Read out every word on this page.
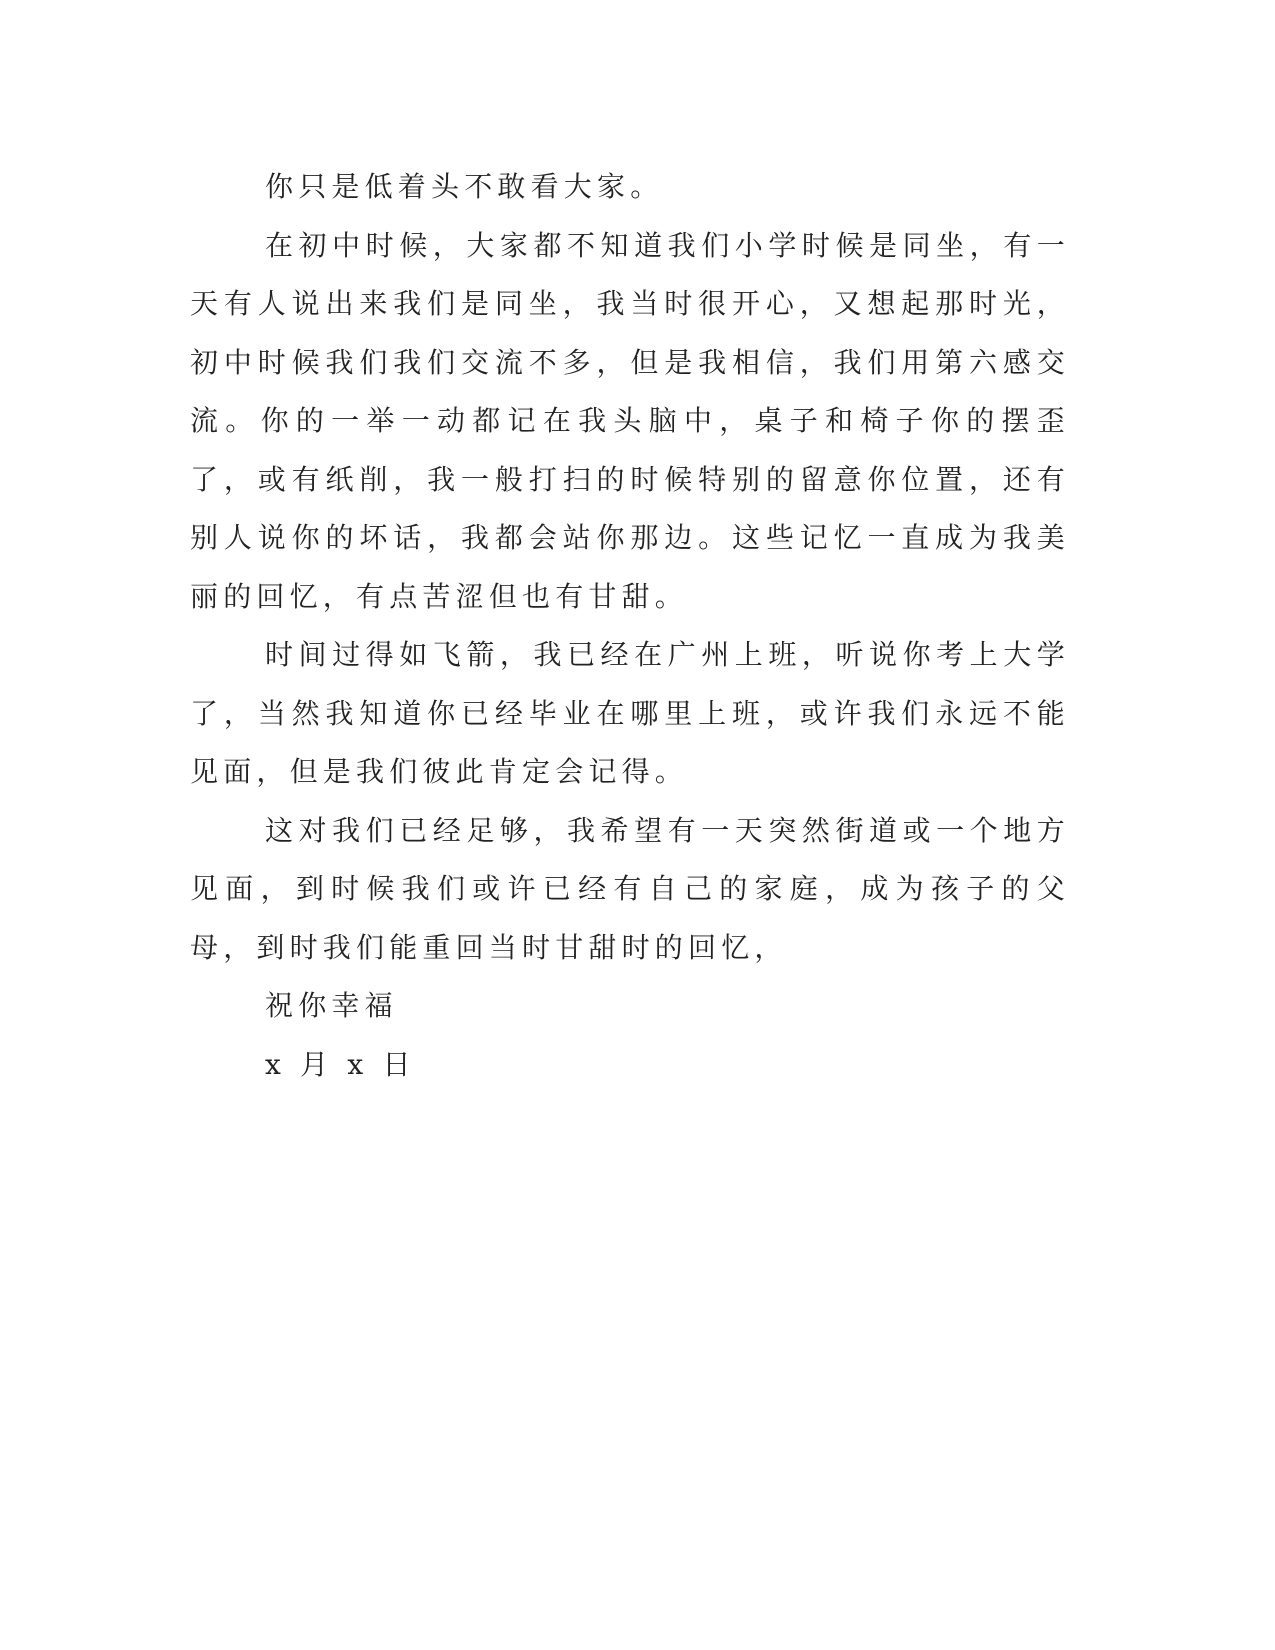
你只是低着头不敢看大家。

在初中时候，大家都不知道我们小学时候是同坐，有一天有人说出来我们是同坐，我当时很开心，又想起那时光，初中时候我们我们交流不多，但是我相信，我们用第六感交流。你的一举一动都记在我头脑中，桌子和椅子你的摆歪了，或有纸削，我一般打扫的时候特别的留意你位置，还有别人说你的坏话，我都会站你那边。这些记忆一直成为我美丽的回忆，有点苦涩但也有甘甜。

时间过得如飞箭，我已经在广州上班，听说你考上大学了，当然我知道你已经毕业在哪里上班，或许我们永远不能见面，但是我们彼此肯定会记得。

这对我们已经足够，我希望有一天突然街道或一个地方见面，到时候我们或许已经有自己的家庭，成为孩子的父母，到时我们能重回当时甘甜时的回忆，

祝你幸福

x 月 x 日
